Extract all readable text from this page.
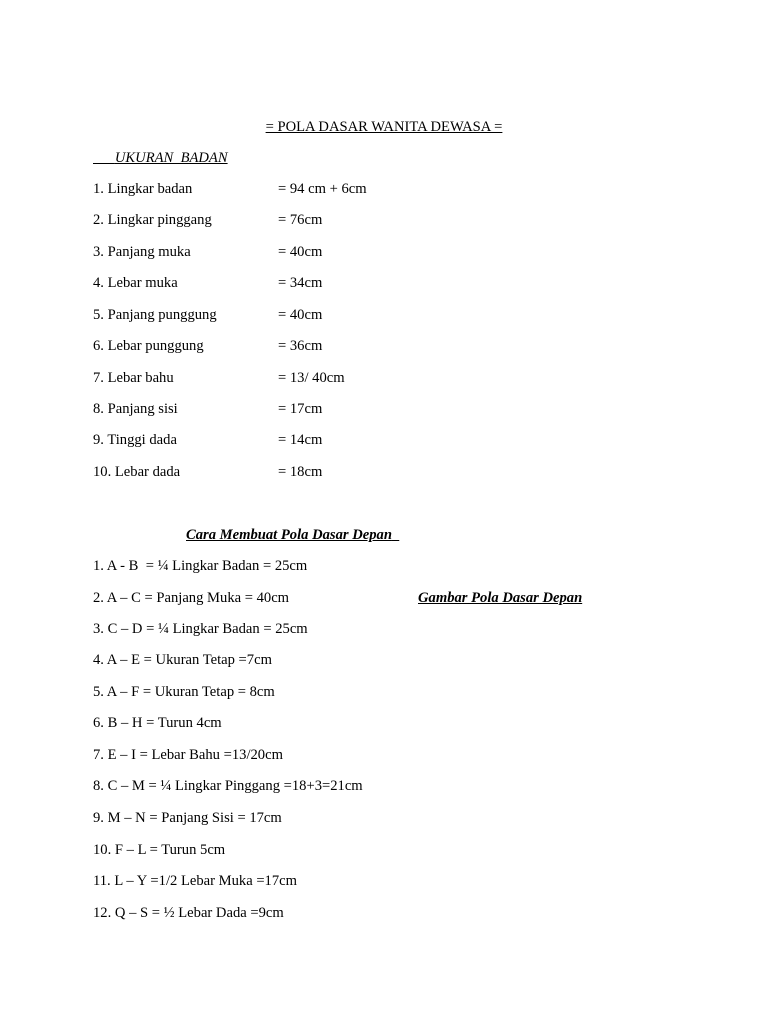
= POLA DASAR WANITA DEWASA =
UKURAN  BADAN

1. Lingkar badan

	= 94 cm + 6cm

2. Lingkar pinggang

	= 76cm

3. Panjang muka

	= 40cm

4. Lebar muka

	= 34cm

5. Panjang punggung

	= 40cm

6. Lebar punggung

	= 36cm

7. Lebar bahu

	= 13/ 40cm

8. Panjang sisi

	= 17cm

9. Tinggi dada

	= 14cm

10. Lebar dada

	= 18cm

Cara Membuat Pola Dasar Depan
Gambar Pola Dasar Depan
1. A - B  = ¼ Lingkar Badan = 25cm
2. A – C = Panjang Muka = 40cm
3. C – D = ¼ Lingkar Badan = 25cm
4. A – E = Ukuran Tetap =7cm
5. A – F = Ukuran Tetap = 8cm
6. B – H = Turun 4cm
7. E – I = Lebar Bahu =13/20cm
8. C – M = ¼ Lingkar Pinggang =18+3=21cm
9. M – N = Panjang Sisi = 17cm
10. F – L = Turun 5cm
11. L – Y =1/2 Lebar Muka =17cm
12. Q – S = ½ Lebar Dada =9cm
